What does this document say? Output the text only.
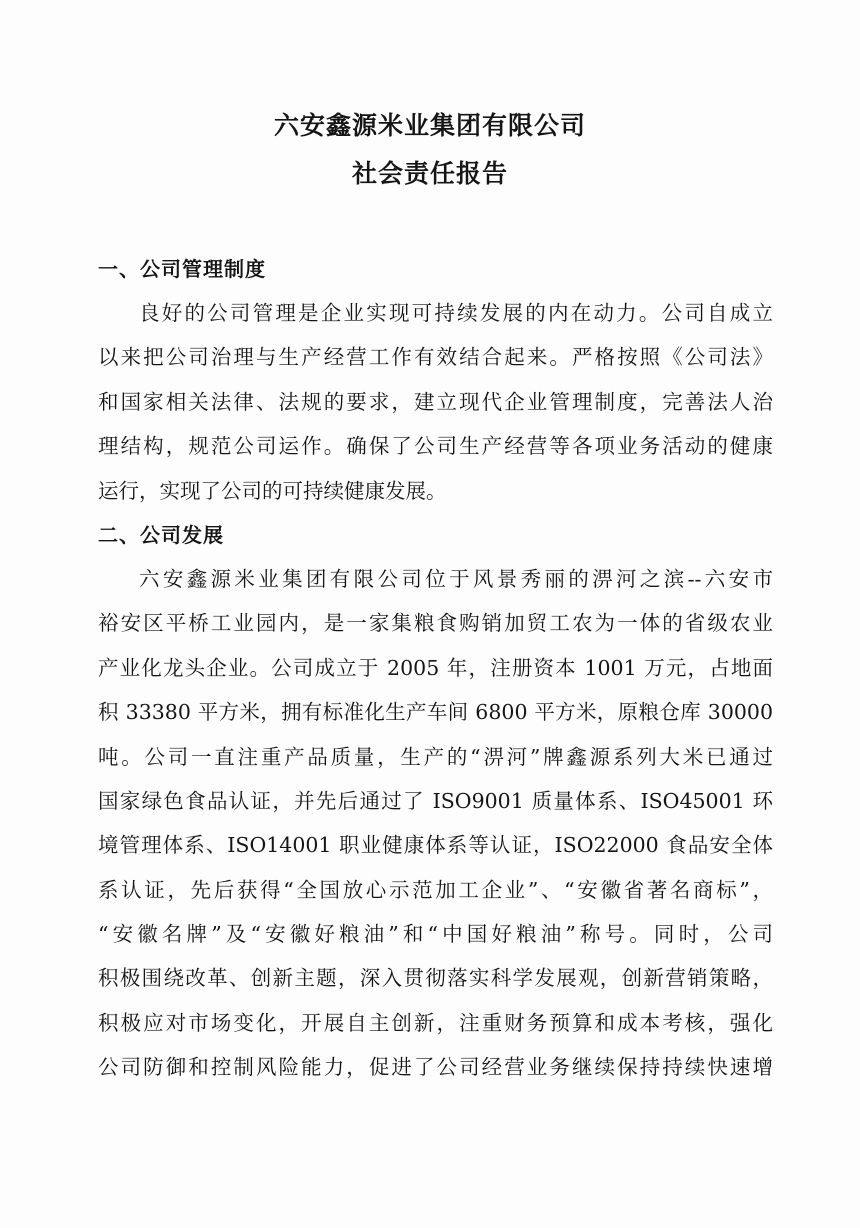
六安鑫源米业集团有限公司
社会责任报告
一、公司管理制度
良好的公司管理是企业实现可持续发展的内在动力。公司自成立
以来把公司治理与生产经营工作有效结合起来。严格按照《公司法》
和国家相关法律、法规的要求，建立现代企业管理制度，完善法人治
理结构，规范公司运作。确保了公司生产经营等各项业务活动的健康
运行，实现了公司的可持续健康发展。
二、公司发展
六安鑫源米业集团有限公司位于风景秀丽的淠河之滨--六安市
裕安区平桥工业园内，是一家集粮食购销加贸工农为一体的省级农业
产业化龙头企业。公司成立于 2005 年，注册资本 1001 万元，占地面
积 33380 平方米，拥有标准化生产车间 6800 平方米，原粮仓库 30000
吨。公司一直注重产品质量，生产的“淠河”牌鑫源系列大米已通过
国家绿色食品认证，并先后通过了 ISO9001 质量体系、ISO45001 环
境管理体系、ISO14001 职业健康体系等认证，ISO22000 食品安全体
系认证，先后获得“全国放心示范加工企业”、“安徽省著名商标”，
“安徽名牌”及“安徽好粮油”和“中国好粮油”称号。同时，公司
积极围绕改革、创新主题，深入贯彻落实科学发展观，创新营销策略，
积极应对市场变化，开展自主创新，注重财务预算和成本考核，强化
公司防御和控制风险能力，促进了公司经营业务继续保持持续快速增
